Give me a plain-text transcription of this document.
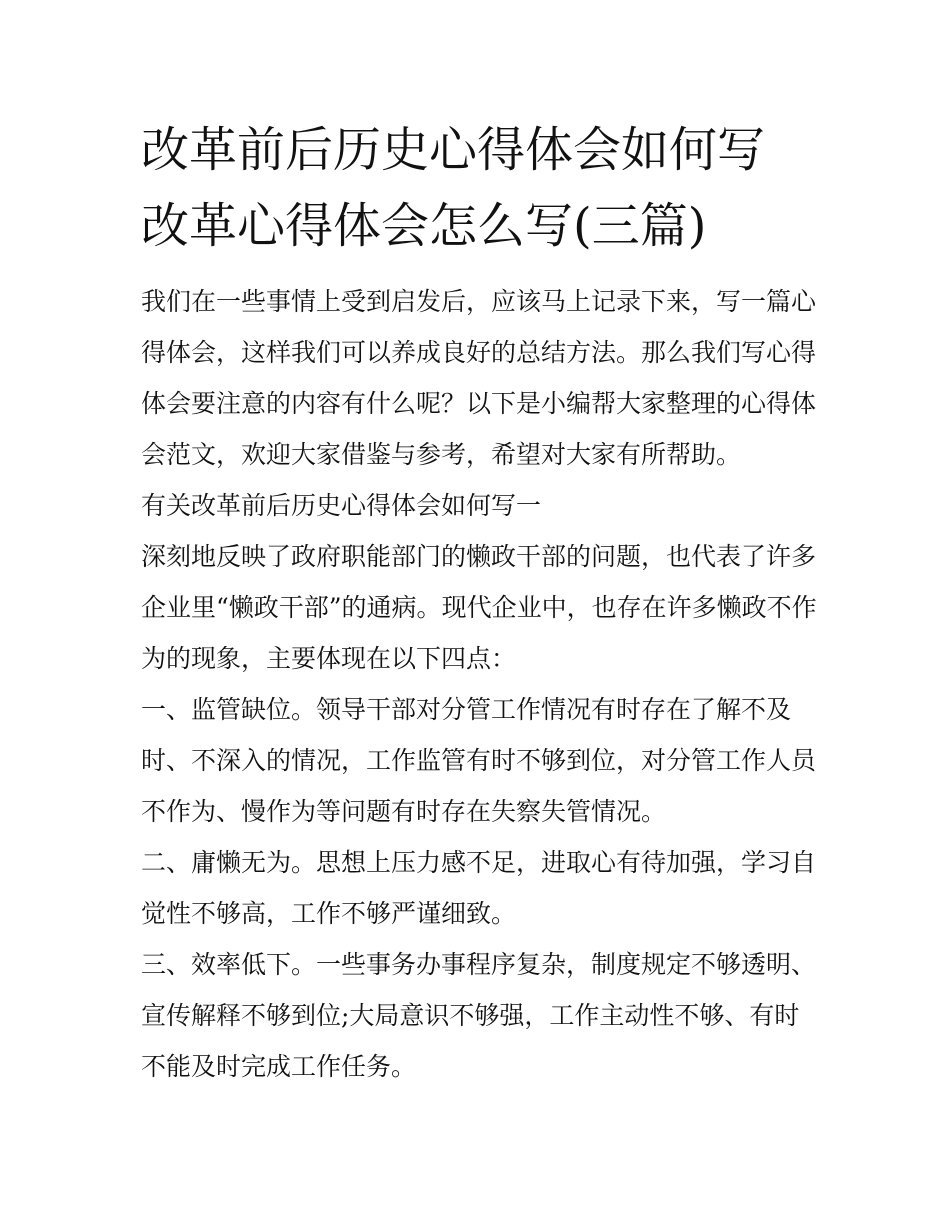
改革前后历史心得体会如何写
改革心得体会怎么写(三篇)
我们在一些事情上受到启发后，应该马上记录下来，写一篇心
得体会，这样我们可以养成良好的总结方法。那么我们写心得
体会要注意的内容有什么呢？以下是小编帮大家整理的心得体
会范文，欢迎大家借鉴与参考，希望对大家有所帮助。
有关改革前后历史心得体会如何写一
深刻地反映了政府职能部门的懒政干部的问题，也代表了许多
企业里“懒政干部”的通病。现代企业中，也存在许多懒政不作
为的现象，主要体现在以下四点：
一、监管缺位。领导干部对分管工作情况有时存在了解不及
时、不深入的情况，工作监管有时不够到位，对分管工作人员
不作为、慢作为等问题有时存在失察失管情况。
二、庸懒无为。思想上压力感不足，进取心有待加强，学习自
觉性不够高，工作不够严谨细致。
三、效率低下。一些事务办事程序复杂，制度规定不够透明、
宣传解释不够到位;大局意识不够强，工作主动性不够、有时
不能及时完成工作任务。
